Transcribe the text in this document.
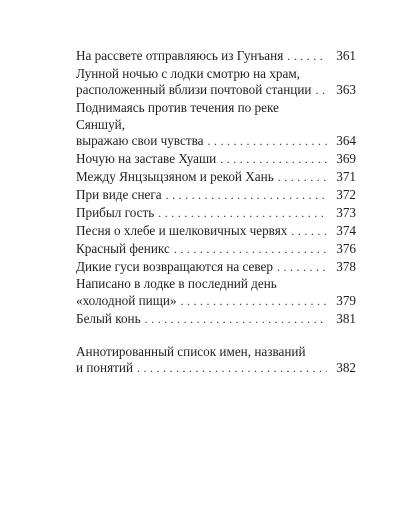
На рассвете отправляюсь из Гунъаня . . .	361
Лунной ночью с лодки смотрю на храм,
расположенный вблизи почтовой станции . . .	363
Поднимаясь против течения по реке Сяншуй,
выражаю свои чувства . . .	364
Ночую на заставе Хуаши . . .	369
Между Янцзыцзяном и рекой Хань . . .	371
При виде снега . . .	372
Прибыл гость . . .	373
Песня о хлебе и шелковичных червях . . .	374
Красный феникс . . .	376
Дикие гуси возвращаются на север . . .	378
Написано в лодке в последний день
«холодной пищи» . . .	379
Белый конь . . .	381
Аннотированный список имен, названий
и понятий . . .	382
